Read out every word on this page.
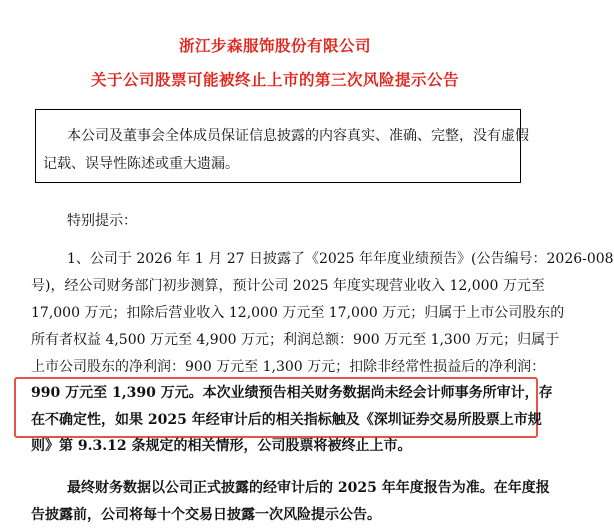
浙江步森服饰股份有限公司
关于公司股票可能被终止上市的第三次风险提示公告
本公司及董事会全体成员保证信息披露的内容真实、准确、完整，没有虚假
记载、误导性陈述或重大遗漏。
特别提示：
1、公司于 2026 年 1 月 27 日披露了《2025 年年度业绩预告》(公告编号：2026-008
号)，经公司财务部门初步测算，预计公司 2025 年度实现营业收入 12,000 万元至
17,000 万元；扣除后营业收入 12,000 万元至 17,000 万元；归属于上市公司股东的
所有者权益 4,500 万元至 4,900 万元；利润总额：900 万元至 1,300 万元；归属于
上市公司股东的净利润：900 万元至 1,300 万元；扣除非经常性损益后的净利润：
990 万元至 1,390 万元。本次业绩预告相关财务数据尚未经会计师事务所审计，存
在不确定性，如果 2025 年经审计后的相关指标触及《深圳证券交易所股票上市规
则》第 9.3.12 条规定的相关情形，公司股票将被终止上市。
最终财务数据以公司正式披露的经审计后的 2025 年年度报告为准。在年度报
告披露前，公司将每十个交易日披露一次风险提示公告。
